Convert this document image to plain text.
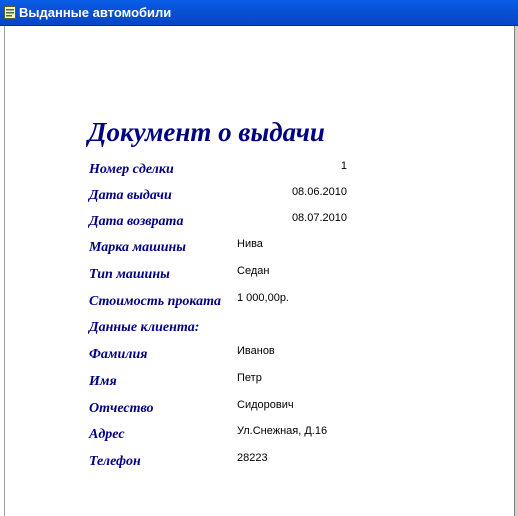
Выданные автомобили
Документ о выдачи
Номер сделки	1
Дата выдачи	08.06.2010
Дата возврата	08.07.2010
Марка машины	Нива
Тип машины	Седан
Стоимость проката 1 000,00р.
Данные клиента:
Фамилия	Иванов
Имя	Петр
Отчество	Сидорович
Адрес	Ул.Снежная, Д.16
Телефон	28223
